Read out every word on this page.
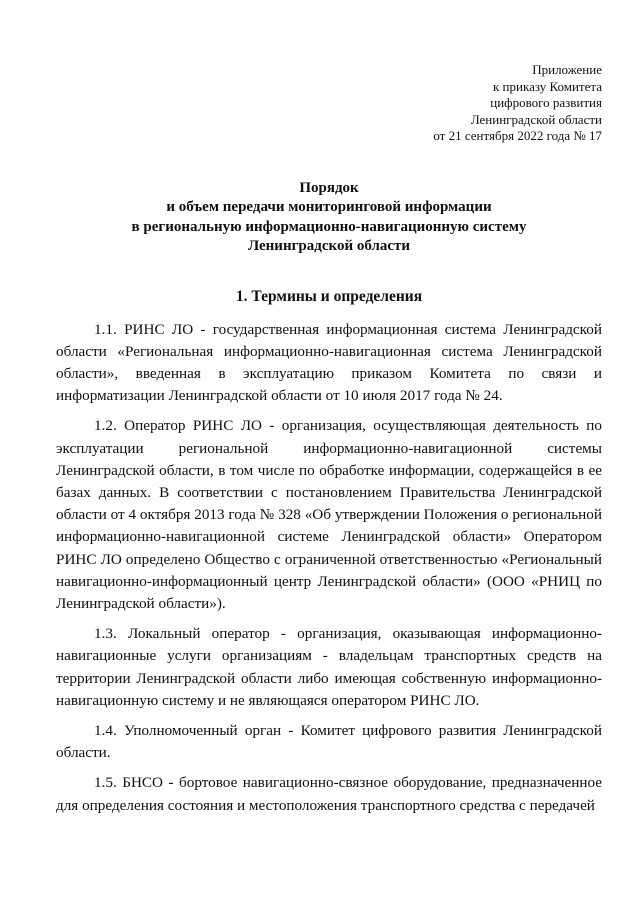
Приложение
к приказу Комитета
цифрового развития
Ленинградской области
от 21 сентября 2022 года № 17
Порядок
и объем передачи мониторинговой информации
в региональную информационно-навигационную систему
Ленинградской области
1. Термины и определения

1.1. РИНС ЛО - государственная информационная система Ленинградской области «Региональная информационно-навигационная система Ленинградской области», введенная в эксплуатацию приказом Комитета по связи и информатизации Ленинградской области от 10 июля 2017 года № 24.

1.2. Оператор РИНС ЛО - организация, осуществляющая деятельность по эксплуатации региональной информационно-навигационной системы Ленинградской области, в том числе по обработке информации, содержащейся в ее базах данных. В соответствии с постановлением Правительства Ленинградской области от 4 октября 2013 года № 328 «Об утверждении Положения о региональной информационно-навигационной системе Ленинградской области» Оператором РИНС ЛО определено Общество с ограниченной ответственностью «Региональный навигационно-информационный центр Ленинградской области» (ООО «РНИЦ по Ленинградской области»).

1.3. Локальный оператор - организация, оказывающая информационно-навигационные услуги организациям - владельцам транспортных средств на территории Ленинградской области либо имеющая собственную информационно-навигационную систему и не являющаяся оператором РИНС ЛО.

1.4. Уполномоченный орган - Комитет цифрового развития Ленинградской области.

1.5. БНСО - бортовое навигационно-связное оборудование, предназначенное для определения состояния и местоположения транспортного средства с передачей
